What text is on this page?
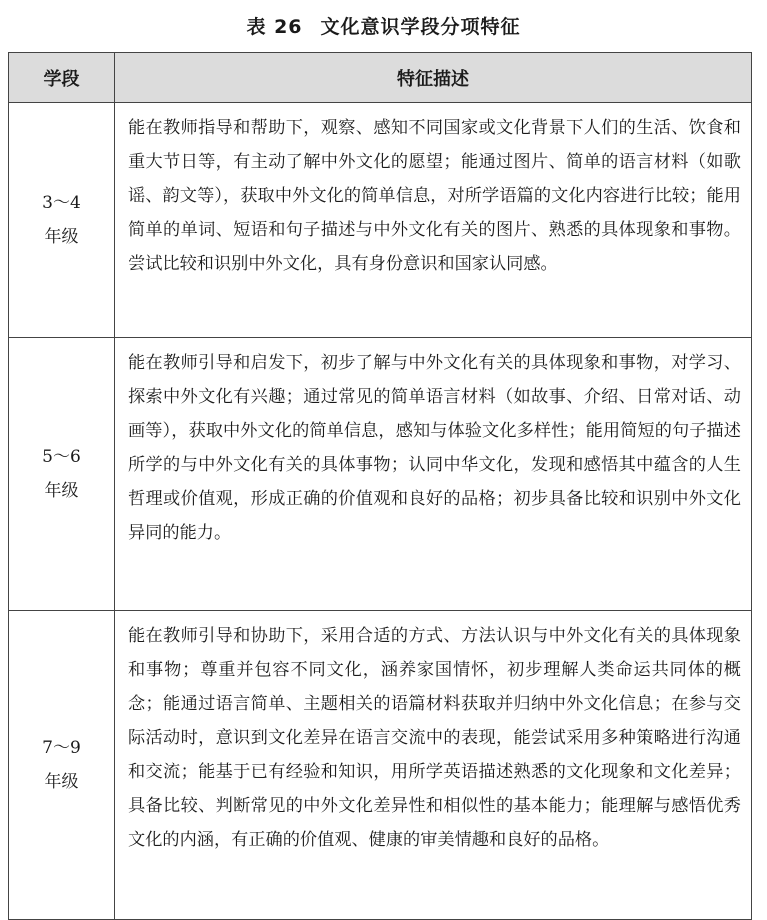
表 26 文化意识学段分项特征
学段	特征描述

3～4
年级	能在教师指导和帮助下，观察、感知不同国家或文化背景下人们的生活、饮食和重大节日等，有主动了解中外文化的愿望；能通过图片、简单的语言材料（如歌谣、韵文等），获取中外文化的简单信息，对所学语篇的文化内容进行比较；能用简单的单词、短语和句子描述与中外文化有关的图片、熟悉的具体现象和事物。尝试比较和识别中外文化，具有身份意识和国家认同感。

5～6
年级	能在教师引导和启发下，初步了解与中外文化有关的具体现象和事物，对学习、探索中外文化有兴趣；通过常见的简单语言材料（如故事、介绍、日常对话、动画等），获取中外文化的简单信息，感知与体验文化多样性；能用简短的句子描述所学的与中外文化有关的具体事物；认同中华文化，发现和感悟其中蕴含的人生哲理或价值观，形成正确的价值观和良好的品格；初步具备比较和识别中外文化异同的能力。

7～9
年级	能在教师引导和协助下，采用合适的方式、方法认识与中外文化有关的具体现象和事物；尊重并包容不同文化，涵养家国情怀，初步理解人类命运共同体的概念；能通过语言简单、主题相关的语篇材料获取并归纳中外文化信息；在参与交际活动时，意识到文化差异在语言交流中的表现，能尝试采用多种策略进行沟通和交流；能基于已有经验和知识，用所学英语描述熟悉的文化现象和文化差异；具备比较、判断常见的中外文化差异性和相似性的基本能力；能理解与感悟优秀文化的内涵，有正确的价值观、健康的审美情趣和良好的品格。
